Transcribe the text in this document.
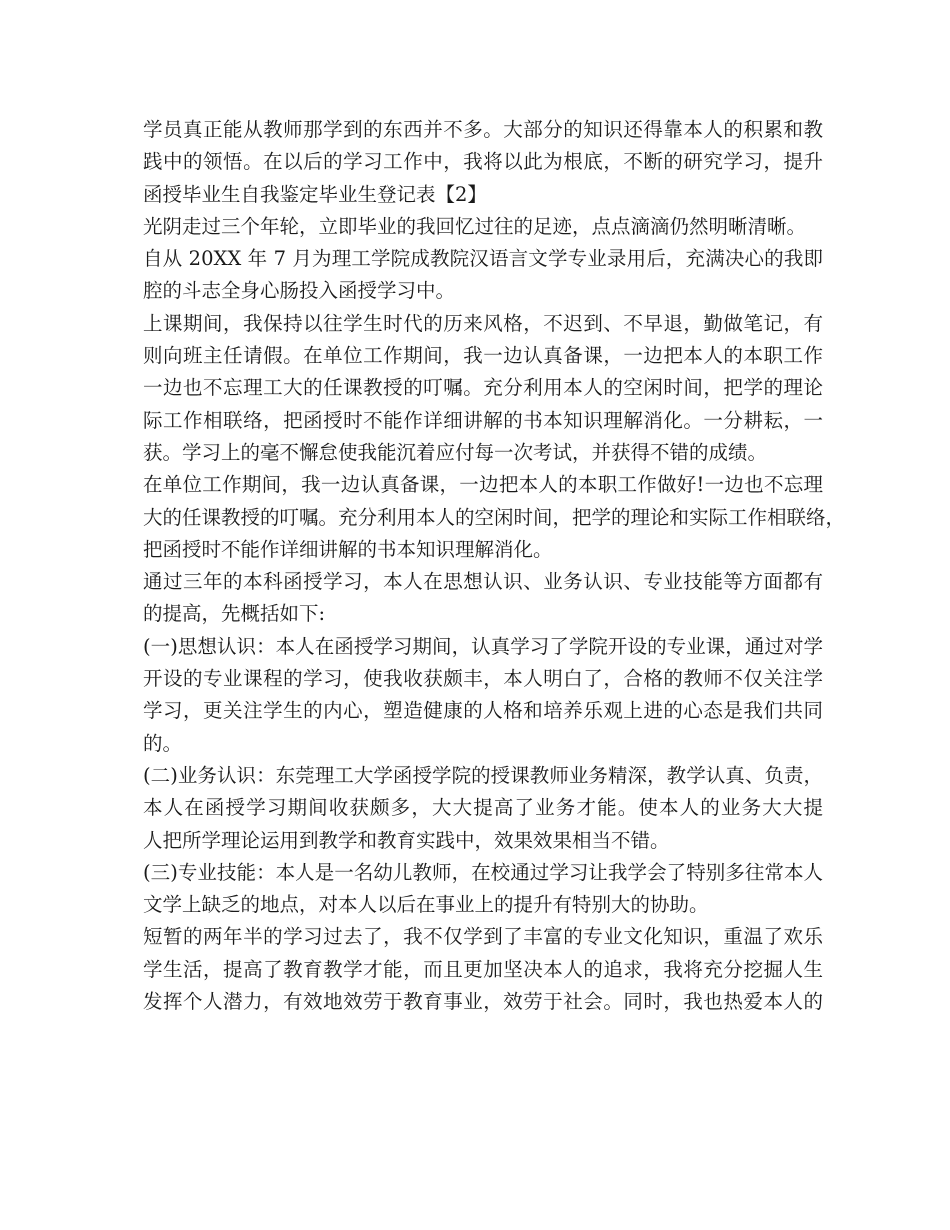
学员真正能从教师那学到的东西并不多。大部分的知识还得靠本人的积累和教
践中的领悟。在以后的学习工作中，我将以此为根底，不断的研究学习，提升
函授毕业生自我鉴定毕业生登记表【2】
光阴走过三个年轮，立即毕业的我回忆过往的足迹，点点滴滴仍然明晰清晰。
自从 20XX 年 7 月为理工学院成教院汉语言文学专业录用后，充满决心的我即
腔的斗志全身心肠投入函授学习中。
上课期间，我保持以往学生时代的历来风格，不迟到、不早退，勤做笔记，有
则向班主任请假。在单位工作期间，我一边认真备课，一边把本人的本职工作
一边也不忘理工大的任课教授的叮嘱。充分利用本人的空闲时间，把学的理论
际工作相联络，把函授时不能作详细讲解的书本知识理解消化。一分耕耘，一
获。学习上的毫不懈怠使我能沉着应付每一次考试，并获得不错的成绩。
在单位工作期间，我一边认真备课，一边把本人的本职工作做好!一边也不忘理
大的任课教授的叮嘱。充分利用本人的空闲时间，把学的理论和实际工作相联络，
把函授时不能作详细讲解的书本知识理解消化。
通过三年的本科函授学习，本人在思想认识、业务认识、专业技能等方面都有
的提高，先概括如下:
(一)思想认识：本人在函授学习期间，认真学习了学院开设的专业课，通过对学
开设的专业课程的学习，使我收获颇丰，本人明白了，合格的教师不仅关注学
学习，更关注学生的内心，塑造健康的人格和培养乐观上进的心态是我们共同
的。
(二)业务认识：东莞理工大学函授学院的授课教师业务精深，教学认真、负责，
本人在函授学习期间收获颇多，大大提高了业务才能。使本人的业务大大提
人把所学理论运用到教学和教育实践中，效果效果相当不错。
(三)专业技能：本人是一名幼儿教师，在校通过学习让我学会了特别多往常本人
文学上缺乏的地点，对本人以后在事业上的提升有特别大的协助。
短暂的两年半的学习过去了，我不仅学到了丰富的专业文化知识，重温了欢乐
学生活，提高了教育教学才能，而且更加坚决本人的追求，我将充分挖掘人生
发挥个人潜力，有效地效劳于教育事业，效劳于社会。同时，我也热爱本人的
